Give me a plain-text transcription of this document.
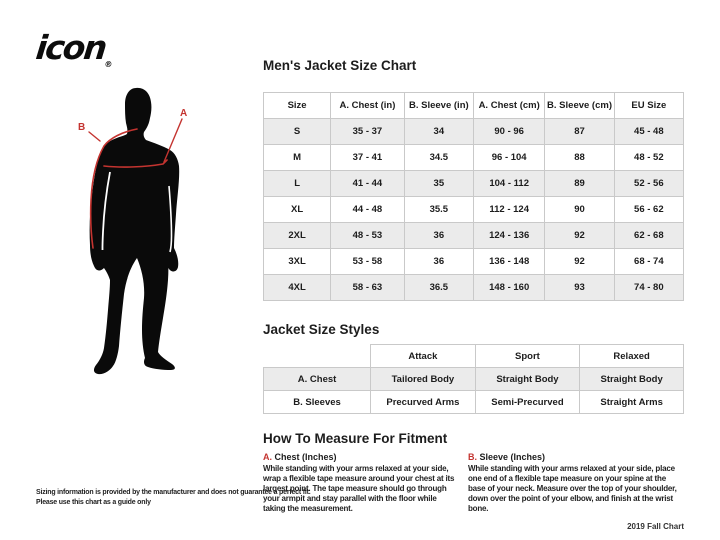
icon$_®$
B
A
Men's Jacket Size Chart
Size	A. Chest (in)	B. Sleeve (in)	A. Chest (cm)	B. Sleeve (cm)	EU Size
S	35 - 37	34	90 - 96	87	45 - 48
M	37 - 41	34.5	96 - 104	88	48 - 52
L	41 - 44	35	104 - 112	89	52 - 56
XL	44 - 48	35.5	112 - 124	90	56 - 62
2XL	48 - 53	36	124 - 136	92	62 - 68
3XL	53 - 58	36	136 - 148	92	68 - 74
4XL	58 - 63	36.5	148 - 160	93	74 - 80
Jacket Size Styles
	Attack	Sport	Relaxed
A. Chest	Tailored Body	Straight Body	Straight Body
B. Sleeves	Precurved Arms	Semi-Precurved	Straight Arms
How To Measure For Fitment
A. Chest (Inches)
While standing with your arms relaxed at your side, wrap a flexible tape measure around your chest at its largest point. The tape measure should go through your armpit and stay parallel with the floor while taking the measurement.
B. Sleeve (Inches)
While standing with your arms relaxed at your side, place one end of a flexible tape measure on your spine at the base of your neck. Measure over the top of your shoulder, down over the point of your elbow, and finish at the wrist bone.
2019 Fall Chart
Sizing information is provided by the manufacturer and does not guarantee a perfect fit.
Please use this chart as a guide only
